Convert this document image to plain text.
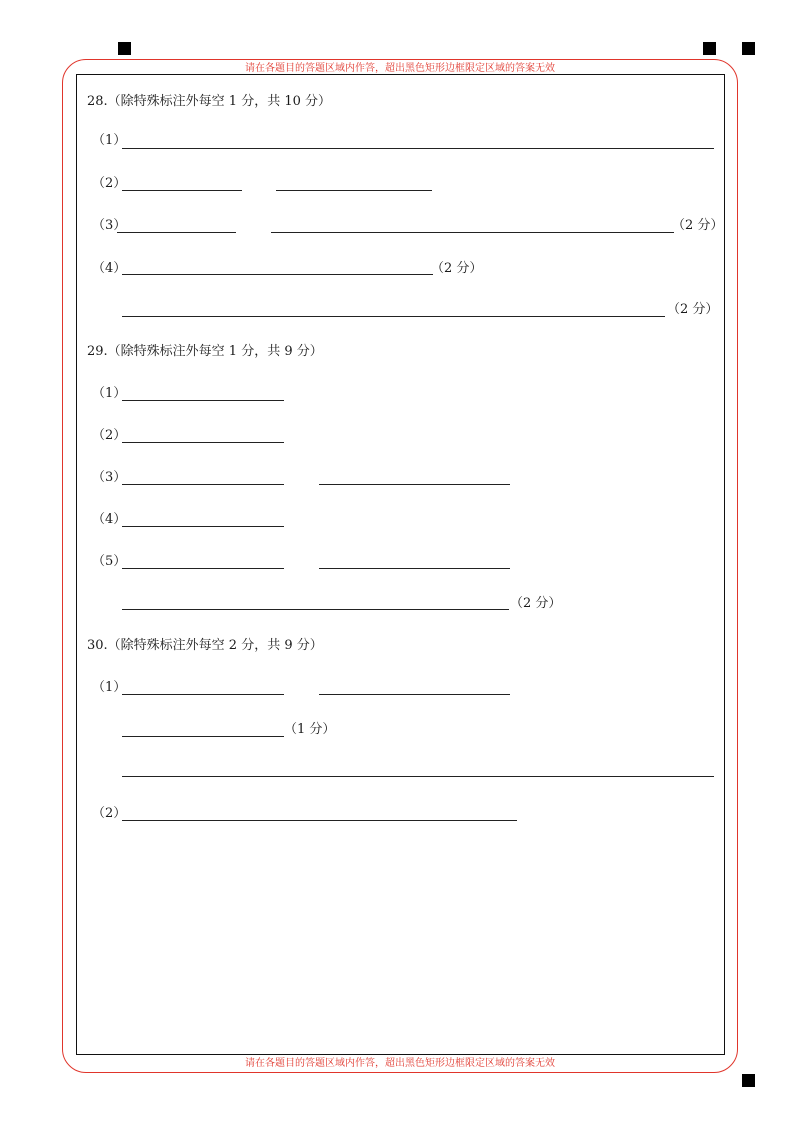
请在各题目的答题区域内作答，超出黑色矩形边框限定区域的答案无效
请在各题目的答题区域内作答，超出黑色矩形边框限定区域的答案无效
28.（除特殊标注外每空 1 分，共 10 分）
（1）
（2）
（3）	（2 分）
（4）	（2 分）
（2 分）
29.（除特殊标注外每空 1 分，共 9 分）
（1）
（2）
（3）
（4）
（5）
（2 分）
30.（除特殊标注外每空 2 分，共 9 分）
（1）
（1 分）
（2）
